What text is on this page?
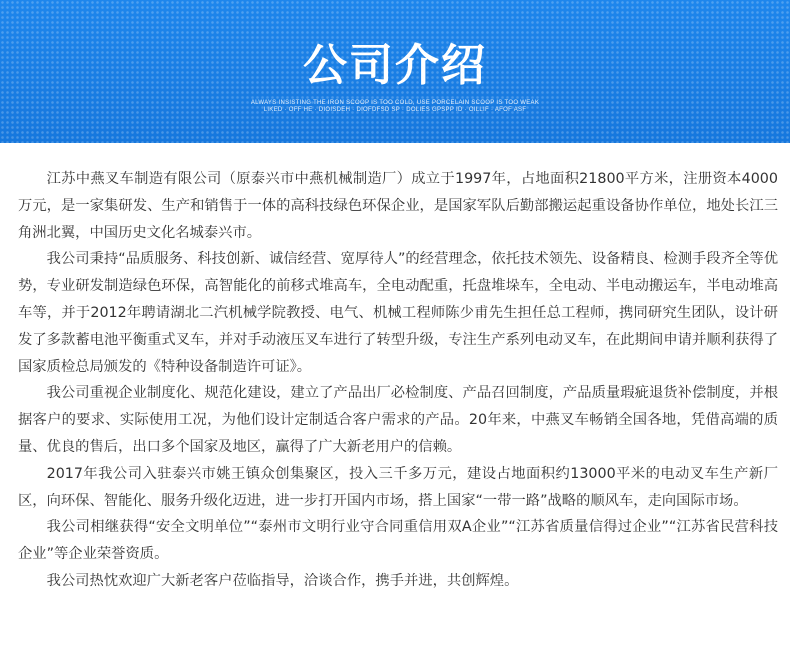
公司介绍
ALWAYS INSISTING THE IRON SCOOP IS TOO COLD, USE PORCELAIN SCOOP IS TOO WEAK
LIKED · OFF HE · DIOISDEH · DIOFDFSD SP · DOLIES GPSPP ID · OILLIF · AFOF ASF

江苏中燕叉车制造有限公司（原泰兴市中燕机械制造厂）成立于1997年，占地面积21800平方米，注册资本4000万元，是一家集研发、生产和销售于一体的高科技绿色环保企业，是国家军队后勤部搬运起重设备协作单位，地处长江三角洲北翼，中国历史文化名城泰兴市。

我公司秉持“品质服务、科技创新、诚信经营、宽厚待人”的经营理念，依托技术领先、设备精良、检测手段齐全等优势，专业研发制造绿色环保，高智能化的前移式堆高车，全电动配重，托盘堆垛车，全电动、半电动搬运车，半电动堆高车等，并于2012年聘请湖北二汽机械学院教授、电气、机械工程师陈少甫先生担任总工程师，携同研究生团队，设计研发了多款蓄电池平衡重式叉车，并对手动液压叉车进行了转型升级，专注生产系列电动叉车，在此期间申请并顺利获得了国家质检总局颁发的《特种设备制造许可证》。

我公司重视企业制度化、规范化建设，建立了产品出厂必检制度、产品召回制度，产品质量瑕疵退货补偿制度，并根据客户的要求、实际使用工况，为他们设计定制适合客户需求的产品。20年来，中燕叉车畅销全国各地，凭借高端的质量、优良的售后，出口多个国家及地区，赢得了广大新老用户的信赖。

2017年我公司入驻泰兴市姚王镇众创集聚区，投入三千多万元，建设占地面积约13000平米的电动叉车生产新厂区，向环保、智能化、服务升级化迈进，进一步打开国内市场，搭上国家“一带一路”战略的顺风车，走向国际市场。

我公司相继获得“安全文明单位”“泰州市文明行业守合同重信用双A企业”“江苏省质量信得过企业”“江苏省民营科技企业”等企业荣誉资质。

我公司热忱欢迎广大新老客户莅临指导，洽谈合作，携手并进，共创辉煌。
